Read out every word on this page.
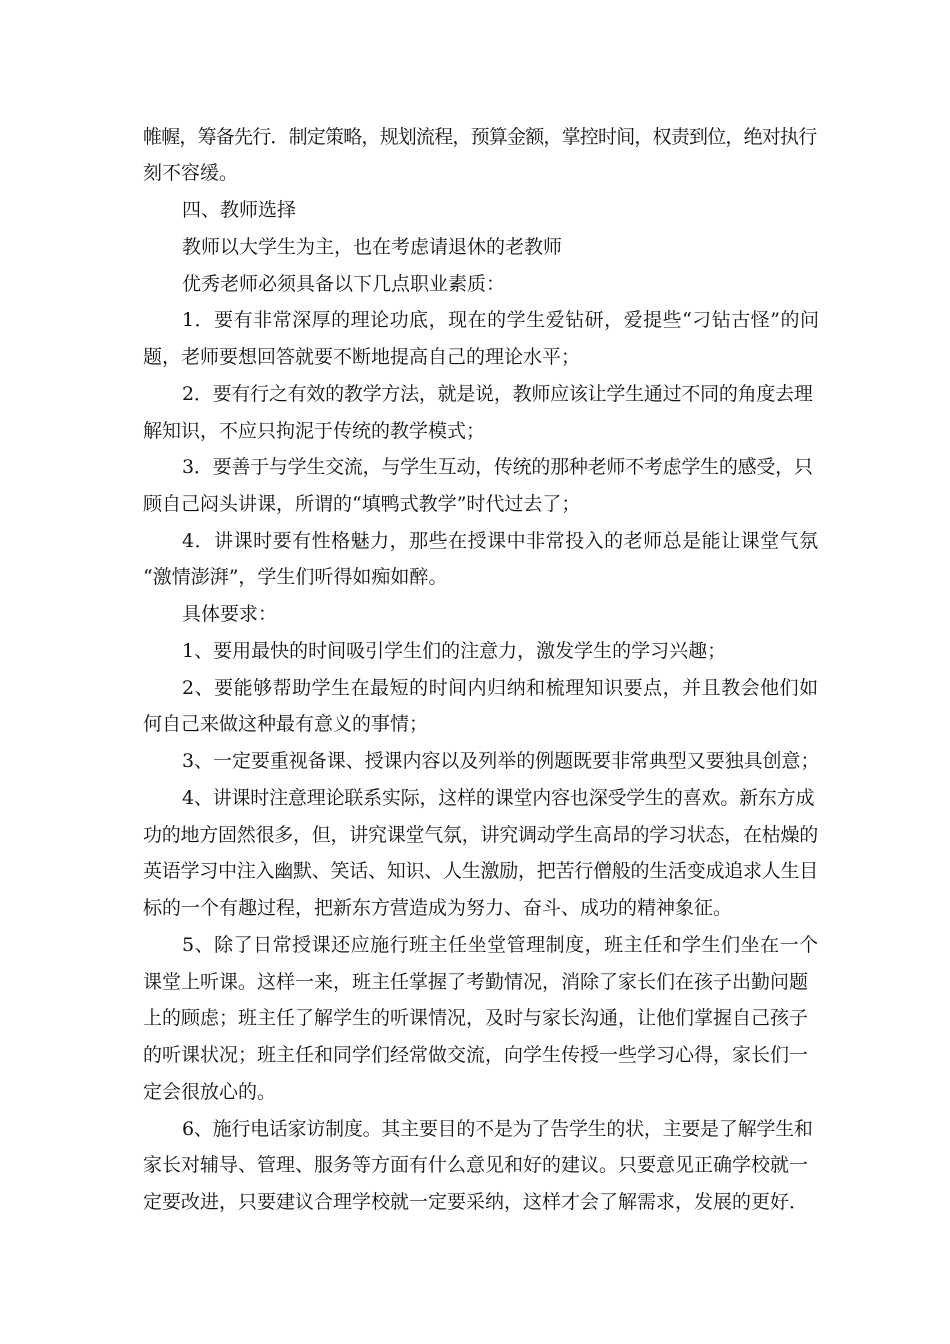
帷幄，筹备先行．制定策略，规划流程，预算金额，掌控时间，权责到位，绝对执行
刻不容缓。
四、教师选择
教师以大学生为主，也在考虑请退休的老教师
优秀老师必须具备以下几点职业素质：
1．要有非常深厚的理论功底，现在的学生爱钻研，爱提些“刁钻古怪”的问
题，老师要想回答就要不断地提高自己的理论水平；
2．要有行之有效的教学方法，就是说，教师应该让学生通过不同的角度去理
解知识，不应只拘泥于传统的教学模式；
3．要善于与学生交流，与学生互动，传统的那种老师不考虑学生的感受，只
顾自己闷头讲课，所谓的“填鸭式教学”时代过去了；
4．讲课时要有性格魅力，那些在授课中非常投入的老师总是能让课堂气氛
“激情澎湃”，学生们听得如痴如醉。
具体要求：
1、要用最快的时间吸引学生们的注意力，激发学生的学习兴趣；
2、要能够帮助学生在最短的时间内归纳和梳理知识要点，并且教会他们如
何自己来做这种最有意义的事情；
3、一定要重视备课、授课内容以及列举的例题既要非常典型又要独具创意；
4、讲课时注意理论联系实际，这样的课堂内容也深受学生的喜欢。新东方成
功的地方固然很多，但，讲究课堂气氛，讲究调动学生高昂的学习状态，在枯燥的
英语学习中注入幽默、笑话、知识、人生激励，把苦行僧般的生活变成追求人生目
标的一个有趣过程，把新东方营造成为努力、奋斗、成功的精神象征。
5、除了日常授课还应施行班主任坐堂管理制度，班主任和学生们坐在一个
课堂上听课。这样一来，班主任掌握了考勤情况，消除了家长们在孩子出勤问题
上的顾虑；班主任了解学生的听课情况，及时与家长沟通，让他们掌握自己孩子
的听课状况；班主任和同学们经常做交流，向学生传授一些学习心得，家长们一
定会很放心的。
6、施行电话家访制度。其主要目的不是为了告学生的状，主要是了解学生和
家长对辅导、管理、服务等方面有什么意见和好的建议。只要意见正确学校就一
定要改进，只要建议合理学校就一定要采纳，这样才会了解需求，发展的更好．
